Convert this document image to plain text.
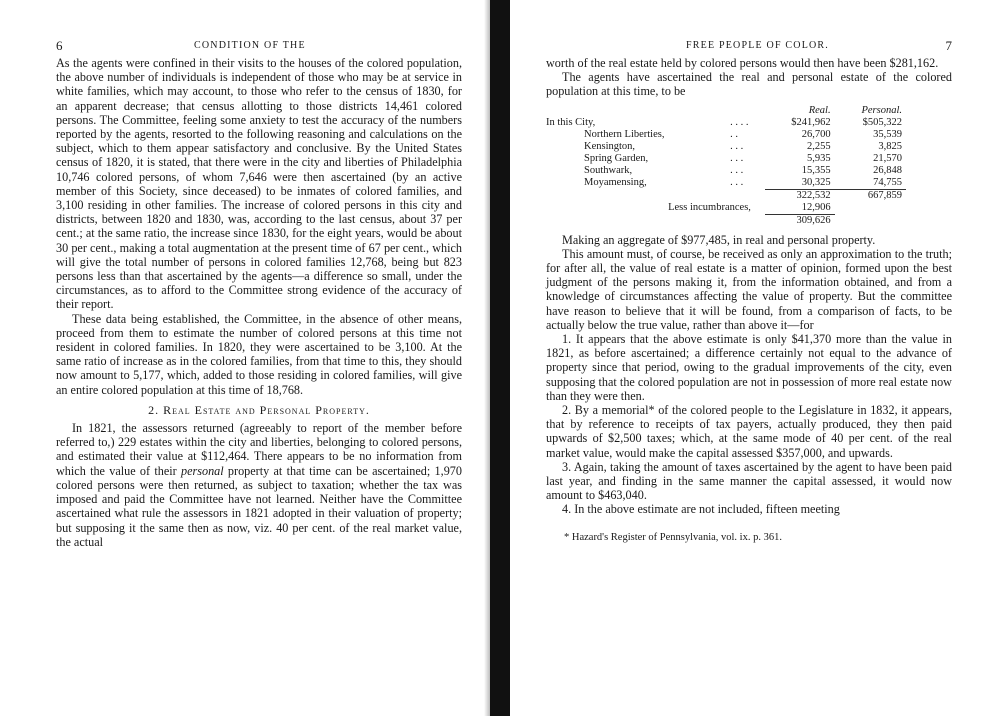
6	CONDITION OF THE

As the agents were confined in their visits to the houses of the colored population, the above number of individuals is independent of those who may be at service in white families, which may account, to those who refer to the census of 1830, for an apparent decrease; that census allotting to those districts 14,461 colored persons. The Committee, feeling some anxiety to test the accuracy of the numbers reported by the agents, resorted to the following reasoning and calculations on the subject, which to them appear satisfactory and conclusive. By the United States census of 1820, it is stated, that there were in the city and liberties of Philadelphia 10,746 colored persons, of whom 7,646 were then ascertained (by an active member of this Society, since deceased) to be inmates of colored families, and 3,100 residing in other families. The increase of colored persons in this city and districts, between 1820 and 1830, was, according to the last census, about 37 per cent.; at the same ratio, the increase since 1830, for the eight years, would be about 30 per cent., making a total augmentation at the present time of 67 per cent., which will give the total number of persons in colored families 12,768, being but 823 persons less than that ascertained by the agents—a difference so small, under the circumstances, as to afford to the Committee strong evidence of the accuracy of their report.

These data being established, the Committee, in the absence of other means, proceed from them to estimate the number of colored persons at this time not resident in colored families. In 1820, they were ascertained to be 3,100. At the same ratio of increase as in the colored families, from that time to this, they should now amount to 5,177, which, added to those residing in colored families, will give an entire colored population at this time of 18,768.

2. Real Estate and Personal Property.

In 1821, the assessors returned (agreeably to report of the member before referred to,) 229 estates within the city and liberties, belonging to colored persons, and estimated their value at $112,464. There appears to be no information from which the value of their personal property at that time can be ascertained; 1,970 colored persons were then returned, as subject to taxation; whether the tax was imposed and paid the Committee have not learned. Neither have the Committee ascertained what rule the assessors in 1821 adopted in their valuation of property; but supposing it the same then as now, viz. 40 per cent. of the real market value, the actual

FREE PEOPLE OF COLOR.	7

worth of the real estate held by colored persons would then have been $281,162.

The agents have ascertained the real and personal estate of the colored population at this time, to be

		Real.	Personal.
In this City,	. . . .	$241,962	$505,322
Northern Liberties,	. .	26,700	35,539
Kensington,	. . .	2,255	3,825
Spring Garden,	. . .	5,935	21,570
Southwark,	. . .	15,355	26,848
Moyamensing,	. . .	30,325	74,755
		322,532	667,859
Less incumbrances,		12,906	
		309,626	

Making an aggregate of $977,485, in real and personal property.

This amount must, of course, be received as only an approximation to the truth; for after all, the value of real estate is a matter of opinion, formed upon the best judgment of the persons making it, from the information obtained, and from a knowledge of circumstances affecting the value of property. But the committee have reason to believe that it will be found, from a comparison of facts, to be actually below the true value, rather than above it—for

1. It appears that the above estimate is only $41,370 more than the value in 1821, as before ascertained; a difference certainly not equal to the advance of property since that period, owing to the gradual improvements of the city, even supposing that the colored population are not in possession of more real estate now than they were then.

2. By a memorial* of the colored people to the Legislature in 1832, it appears, that by reference to receipts of tax payers, actually produced, they then paid upwards of $2,500 taxes; which, at the same mode of 40 per cent. of the real market value, would make the capital assessed $357,000, and upwards.

3. Again, taking the amount of taxes ascertained by the agent to have been paid last year, and finding in the same manner the capital assessed, it would now amount to $463,040.

4. In the above estimate are not included, fifteen meeting

* Hazard's Register of Pennsylvania, vol. ix. p. 361.
